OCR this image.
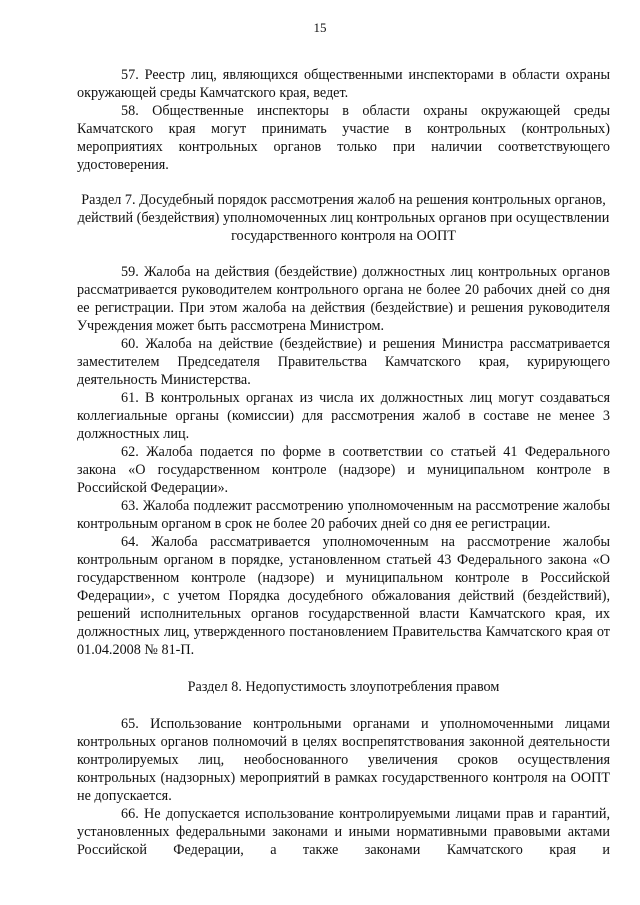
15

57. Реестр лиц, являющихся общественными инспекторами в области охраны окружающей среды Камчатского края, ведет.

58. Общественные инспекторы в области охраны окружающей среды Камчатского края могут принимать участие в контрольных (контрольных) мероприятиях контрольных органов только при наличии соответствующего удостоверения.

Раздел 7. Досудебный порядок рассмотрения жалоб на решения контрольных органов, действий (бездействия) уполномоченных лиц контрольных органов при осуществлении государственного контроля на ООПТ

59. Жалоба на действия (бездействие) должностных лиц контрольных органов рассматривается руководителем контрольного органа не более 20 рабочих дней со дня ее регистрации. При этом жалоба на действия (бездействие) и решения руководителя Учреждения может быть рассмотрена Министром.

60. Жалоба на действие (бездействие) и решения Министра рассматривается заместителем Председателя Правительства Камчатского края, курирующего деятельность Министерства.

61. В контрольных органах из числа их должностных лиц могут создаваться коллегиальные органы (комиссии) для рассмотрения жалоб в составе не менее 3 должностных лиц.

62. Жалоба подается по форме в соответствии со статьей 41 Федерального закона «О государственном контроле (надзоре) и муниципальном контроле в Российской Федерации».

63. Жалоба подлежит рассмотрению уполномоченным на рассмотрение жалобы контрольным органом в срок не более 20 рабочих дней со дня ее регистрации.

64. Жалоба рассматривается уполномоченным на рассмотрение жалобы контрольным органом в порядке, установленном статьей 43 Федерального закона «О государственном контроле (надзоре) и муниципальном контроле в Российской Федерации», с учетом Порядка досудебного обжалования действий (бездействий), решений исполнительных органов государственной власти Камчатского края, их должностных лиц, утвержденного постановлением Правительства Камчатского края от 01.04.2008 № 81-П.

Раздел 8. Недопустимость злоупотребления правом

65. Использование контрольными органами и уполномоченными лицами контрольных органов полномочий в целях воспрепятствования законной деятельности контролируемых лиц, необоснованного увеличения сроков осуществления контрольных (надзорных) мероприятий в рамках государственного контроля на ООПТ не допускается.

66. Не допускается использование контролируемыми лицами прав и гарантий, установленных федеральными законами и иными нормативными правовыми актами Российской Федерации, а также законами Камчатского края и
